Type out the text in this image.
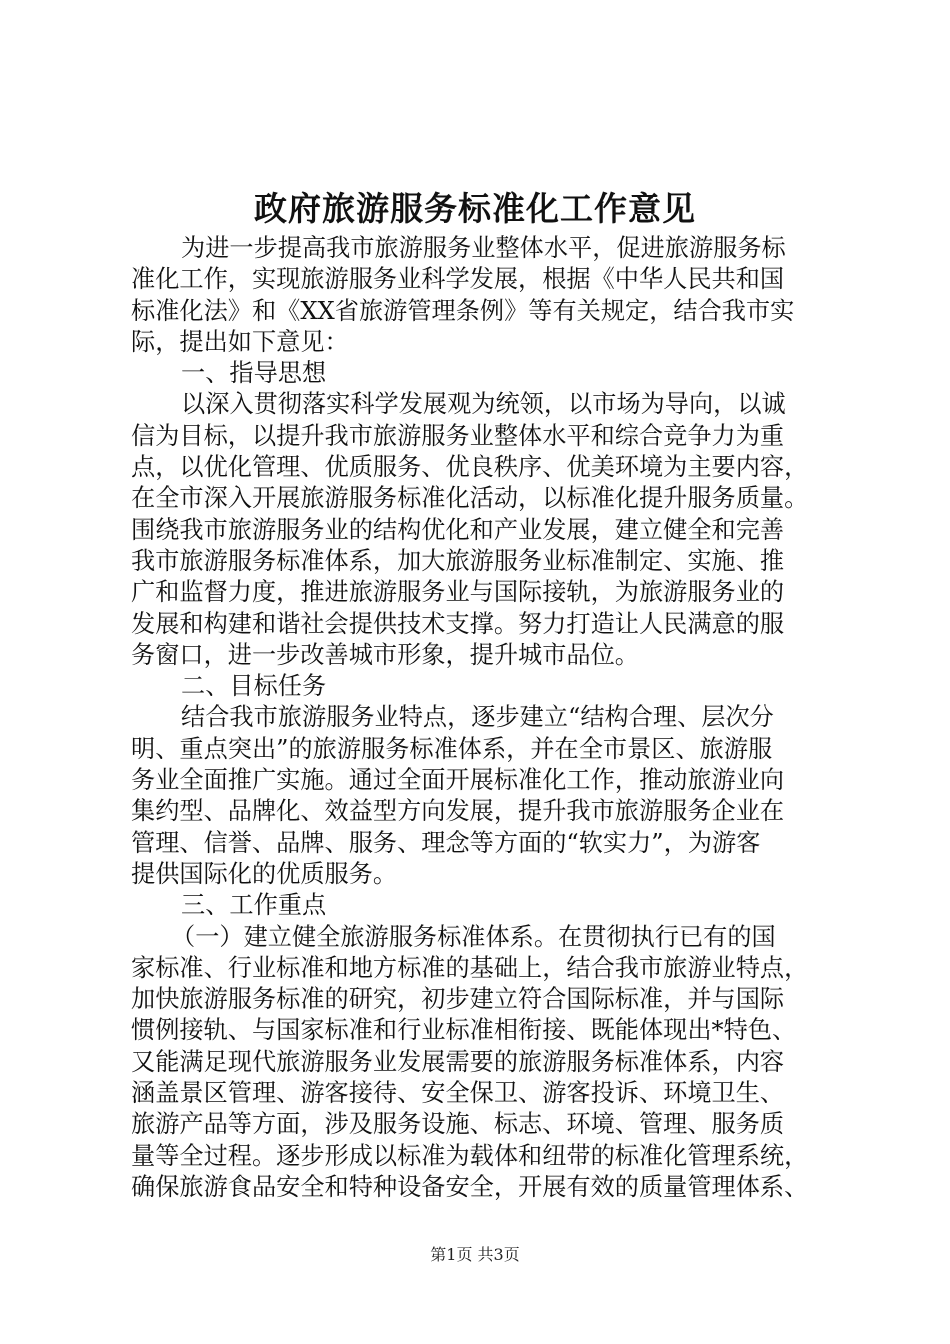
政府旅游服务标准化工作意见
为进一步提高我市旅游服务业整体水平，促进旅游服务标
准化工作，实现旅游服务业科学发展，根据《中华人民共和国
标准化法》和《XX省旅游管理条例》等有关规定，结合我市实
际，提出如下意见：
一、指导思想
以深入贯彻落实科学发展观为统领，以市场为导向，以诚
信为目标，以提升我市旅游服务业整体水平和综合竞争力为重
点，以优化管理、优质服务、优良秩序、优美环境为主要内容，
在全市深入开展旅游服务标准化活动，以标准化提升服务质量。
围绕我市旅游服务业的结构优化和产业发展，建立健全和完善
我市旅游服务标准体系，加大旅游服务业标准制定、实施、推
广和监督力度，推进旅游服务业与国际接轨，为旅游服务业的
发展和构建和谐社会提供技术支撑。努力打造让人民满意的服
务窗口，进一步改善城市形象，提升城市品位。
二、目标任务
结合我市旅游服务业特点，逐步建立“结构合理、层次分
明、重点突出”的旅游服务标准体系，并在全市景区、旅游服
务业全面推广实施。通过全面开展标准化工作，推动旅游业向
集约型、品牌化、效益型方向发展，提升我市旅游服务企业在
管理、信誉、品牌、服务、理念等方面的“软实力”，为游客
提供国际化的优质服务。
三、工作重点
（一）建立健全旅游服务标准体系。在贯彻执行已有的国
家标准、行业标准和地方标准的基础上，结合我市旅游业特点，
加快旅游服务标准的研究，初步建立符合国际标准，并与国际
惯例接轨、与国家标准和行业标准相衔接、既能体现出*特色、
又能满足现代旅游服务业发展需要的旅游服务标准体系，内容
涵盖景区管理、游客接待、安全保卫、游客投诉、环境卫生、
旅游产品等方面，涉及服务设施、标志、环境、管理、服务质
量等全过程。逐步形成以标准为载体和纽带的标准化管理系统，
确保旅游食品安全和特种设备安全，开展有效的质量管理体系、
第1页 共3页
